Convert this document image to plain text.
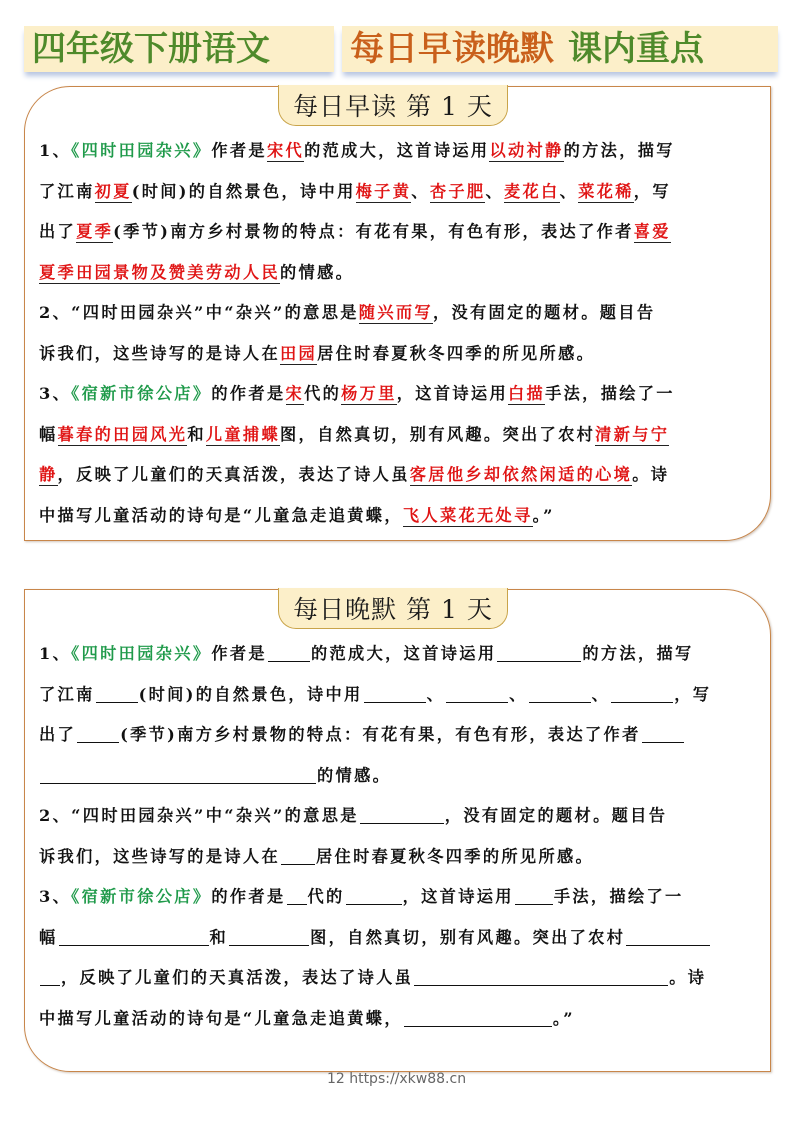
四年级下册语文 每日早读晚默 课内重点
每日早读 第 1 天
1、《四时田园杂兴》作者是宋代的范成大，这首诗运用以动衬静的方法，描写
了江南初夏(时间)的自然景色，诗中用梅子黄、杏子肥、麦花白、菜花稀，写
出了夏季(季节)南方乡村景物的特点：有花有果，有色有形，表达了作者喜爱
夏季田园景物及赞美劳动人民的情感。
2、“四时田园杂兴”中“杂兴”的意思是随兴而写，没有固定的题材。题目告
诉我们，这些诗写的是诗人在田园居住时春夏秋冬四季的所见所感。
3、《宿新市徐公店》的作者是宋代的杨万里，这首诗运用白描手法，描绘了一
幅暮春的田园风光和儿童捕蝶图，自然真切，别有风趣。突出了农村清新与宁
静，反映了儿童们的天真活泼，表达了诗人虽客居他乡却依然闲适的心境。诗
中描写儿童活动的诗句是“儿童急走追黄蝶，飞人菜花无处寻。”
每日晚默 第 1 天
1、《四时田园杂兴》作者是	的范成大，这首诗运用	的方法，描写
了江南	(时间)的自然景色，诗中用	、	、	、	，写
出了	(季节)南方乡村景物的特点：有花有果，有色有形，表达了作者
的情感。
2、“四时田园杂兴”中“杂兴”的意思是	，没有固定的题材。题目告
诉我们，这些诗写的是诗人在 居住时春夏秋冬四季的所见所感。
3、《宿新市徐公店》的作者是 代的	，这首诗运用 手法，描绘了一
幅	和	图，自然真切，别有风趣。突出了农村
，反映了儿童们的天真活泼，表达了诗人虽	。诗
中描写儿童活动的诗句是“儿童急走追黄蝶，	。”
12 https://xkw88.cn
